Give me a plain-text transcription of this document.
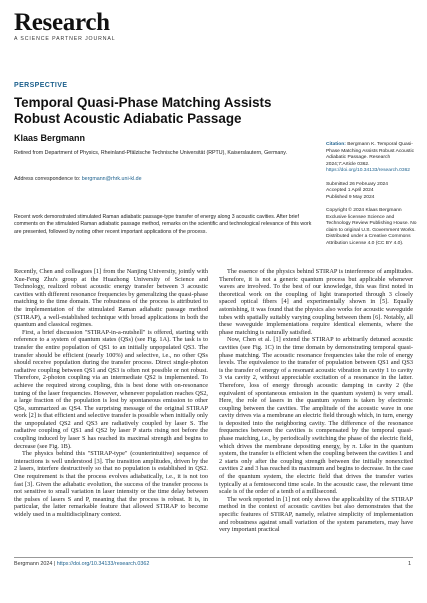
Research
A SCIENCE PARTNER JOURNAL
PERSPECTIVE
Temporal Quasi-Phase Matching Assists Robust Acoustic Adiabatic Passage
Klaas Bergmann
Retired from Department of Physics, Rheinland-Pfälzische Technische Universität (RPTU), Kaiserslautern, Germany.
Address correspondence to: bergmann@rhrk.uni-kl.de
Recent work demonstrated stimulated Raman adiabatic passage-type transfer of energy along 3 acoustic cavities. After brief comments on the stimulated Raman adiabatic passage method, remarks on the scientific and technological relevance of this work are presented, followed by noting other recent important applications of the process.
Citation: Bergmann K. Temporal Quasi-Phase Matching Assists Robust Acoustic Adiabatic Passage. Research 2024;7:Article 0362. https://doi.org/10.34133/research.0362
Submitted 26 February 2024
Accepted 1 April 2024
Published 9 May 2024
Copyright © 2024 Klaas Bergmann Exclusive licensee Science and Technology Review Publishing House. No claim to original U.S. Government Works. Distributed under a Creative Commons Attribution License 4.0 (CC BY 4.0).

Recently, Chen and colleagues [1] from the Nanjing University, jointly with Xue-Feng Zhu's group at the Huazhong University of Science and Technology, realized robust acoustic energy transfer between 3 acoustic cavities with different resonance frequencies by generalizing the quasi-phase matching to the time domain. The robustness of the process is attributed to the implementation of the stimulated Raman adiabatic passage method (STIRAP), a well-established technique with broad applications in both the quantum and classical regimes.

First, a brief discussion "STIRAP-in-a-nutshell" is offered, starting with reference to a system of quantum states (QSs) (see Fig. 1A). The task is to transfer the entire population of QS1 to an initially unpopulated QS3. The transfer should be efficient (nearly 100%) and selective, i.e., no other QSs should receive population during the transfer process. Direct single-photon radiative coupling between QS1 and QS3 is often not possible or not robust. Therefore, 2-photon coupling via an intermediate QS2 is implemented. To achieve the required strong coupling, this is best done with on-resonance tuning of the laser frequencies. However, whenever population reaches QS2, a large fraction of the population is lost by spontaneous emission to other QSs, summarized as QS4. The surprising message of the original STIRAP work [2] is that efficient and selective transfer is possible when initially only the unpopulated QS2 and QS3 are radiatively coupled by laser S. The radiative coupling of QS1 and QS2 by laser P starts rising not before the coupling induced by laser S has reached its maximal strength and begins to decrease (see Fig. 1B).

The physics behind this "STIRAP-type" (counterintuitive) sequence of interactions is well understood [3]. The transition amplitudes, driven by the 2 lasers, interfere destructively so that no population is established in QS2. One requirement is that the process evolves adiabatically, i.e., it is not too fast [3]. Given the adiabatic evolution, the success of the transfer process is not sensitive to small variation in laser intensity or the time delay between the pulses of lasers S and P, meaning that the process is robust. It is, in particular, the latter remarkable feature that allowed STIRAP to become widely used in a multidisciplinary context.

The essence of the physics behind STIRAP is interference of amplitudes. Therefore, it is not a generic quantum process but applicable whenever waves are involved. To the best of our knowledge, this was first noted in theoretical work on the coupling of light transported through 3 closely spaced optical fibers [4] and experimentally shown in [5]. Equally astonishing, it was found that the physics also works for acoustic waveguide tubes with spatially suitably varying coupling between them [6]. Notably, all these waveguide implementations require identical elements, where the phase matching is naturally satisfied.

Now, Chen et al. [1] extend the STIRAP to arbitrarily detuned acoustic cavities (see Fig. 1C) in the time domain by demonstrating temporal quasi-phase matching. The acoustic resonance frequencies take the role of energy levels. The equivalence to the transfer of population between QS1 and QS3 is the transfer of energy of a resonant acoustic vibration in cavity 1 to cavity 3 via cavity 2, without appreciable excitation of a resonance in the latter. Therefore, loss of energy through acoustic damping in cavity 2 (the equivalent of spontaneous emission in the quantum system) is very small. Here, the role of lasers in the quantum system is taken by electronic coupling between the cavities. The amplitude of the acoustic wave in one cavity drives via a membrane an electric field through which, in turn, energy is deposited into the neighboring cavity. The difference of the resonance frequencies between the cavities is compensated by the temporal quasi-phase matching, i.e., by periodically switching the phase of the electric field, which drives the membrane depositing energy, by π. Like in the quantum system, the transfer is efficient when the coupling between the cavities 1 and 2 starts only after the coupling strength between the initially nonexcited cavities 2 and 3 has reached its maximum and begins to decrease. In the case of the quantum system, the electric field that drives the transfer varies typically at a femtosecond time scale. In the acoustic case, the relevant time scale is of the order of a tenth of a millisecond.

The work reported in [1] not only shows the applicability of the STIRAP method in the context of acoustic cavities but also demonstrates that the specific features of STIRAP, namely, relative simplicity of implementation and robustness against small variation of the system parameters, may have very important practical

Bergmann 2024 | https://doi.org/10.34133/research.0362	1
